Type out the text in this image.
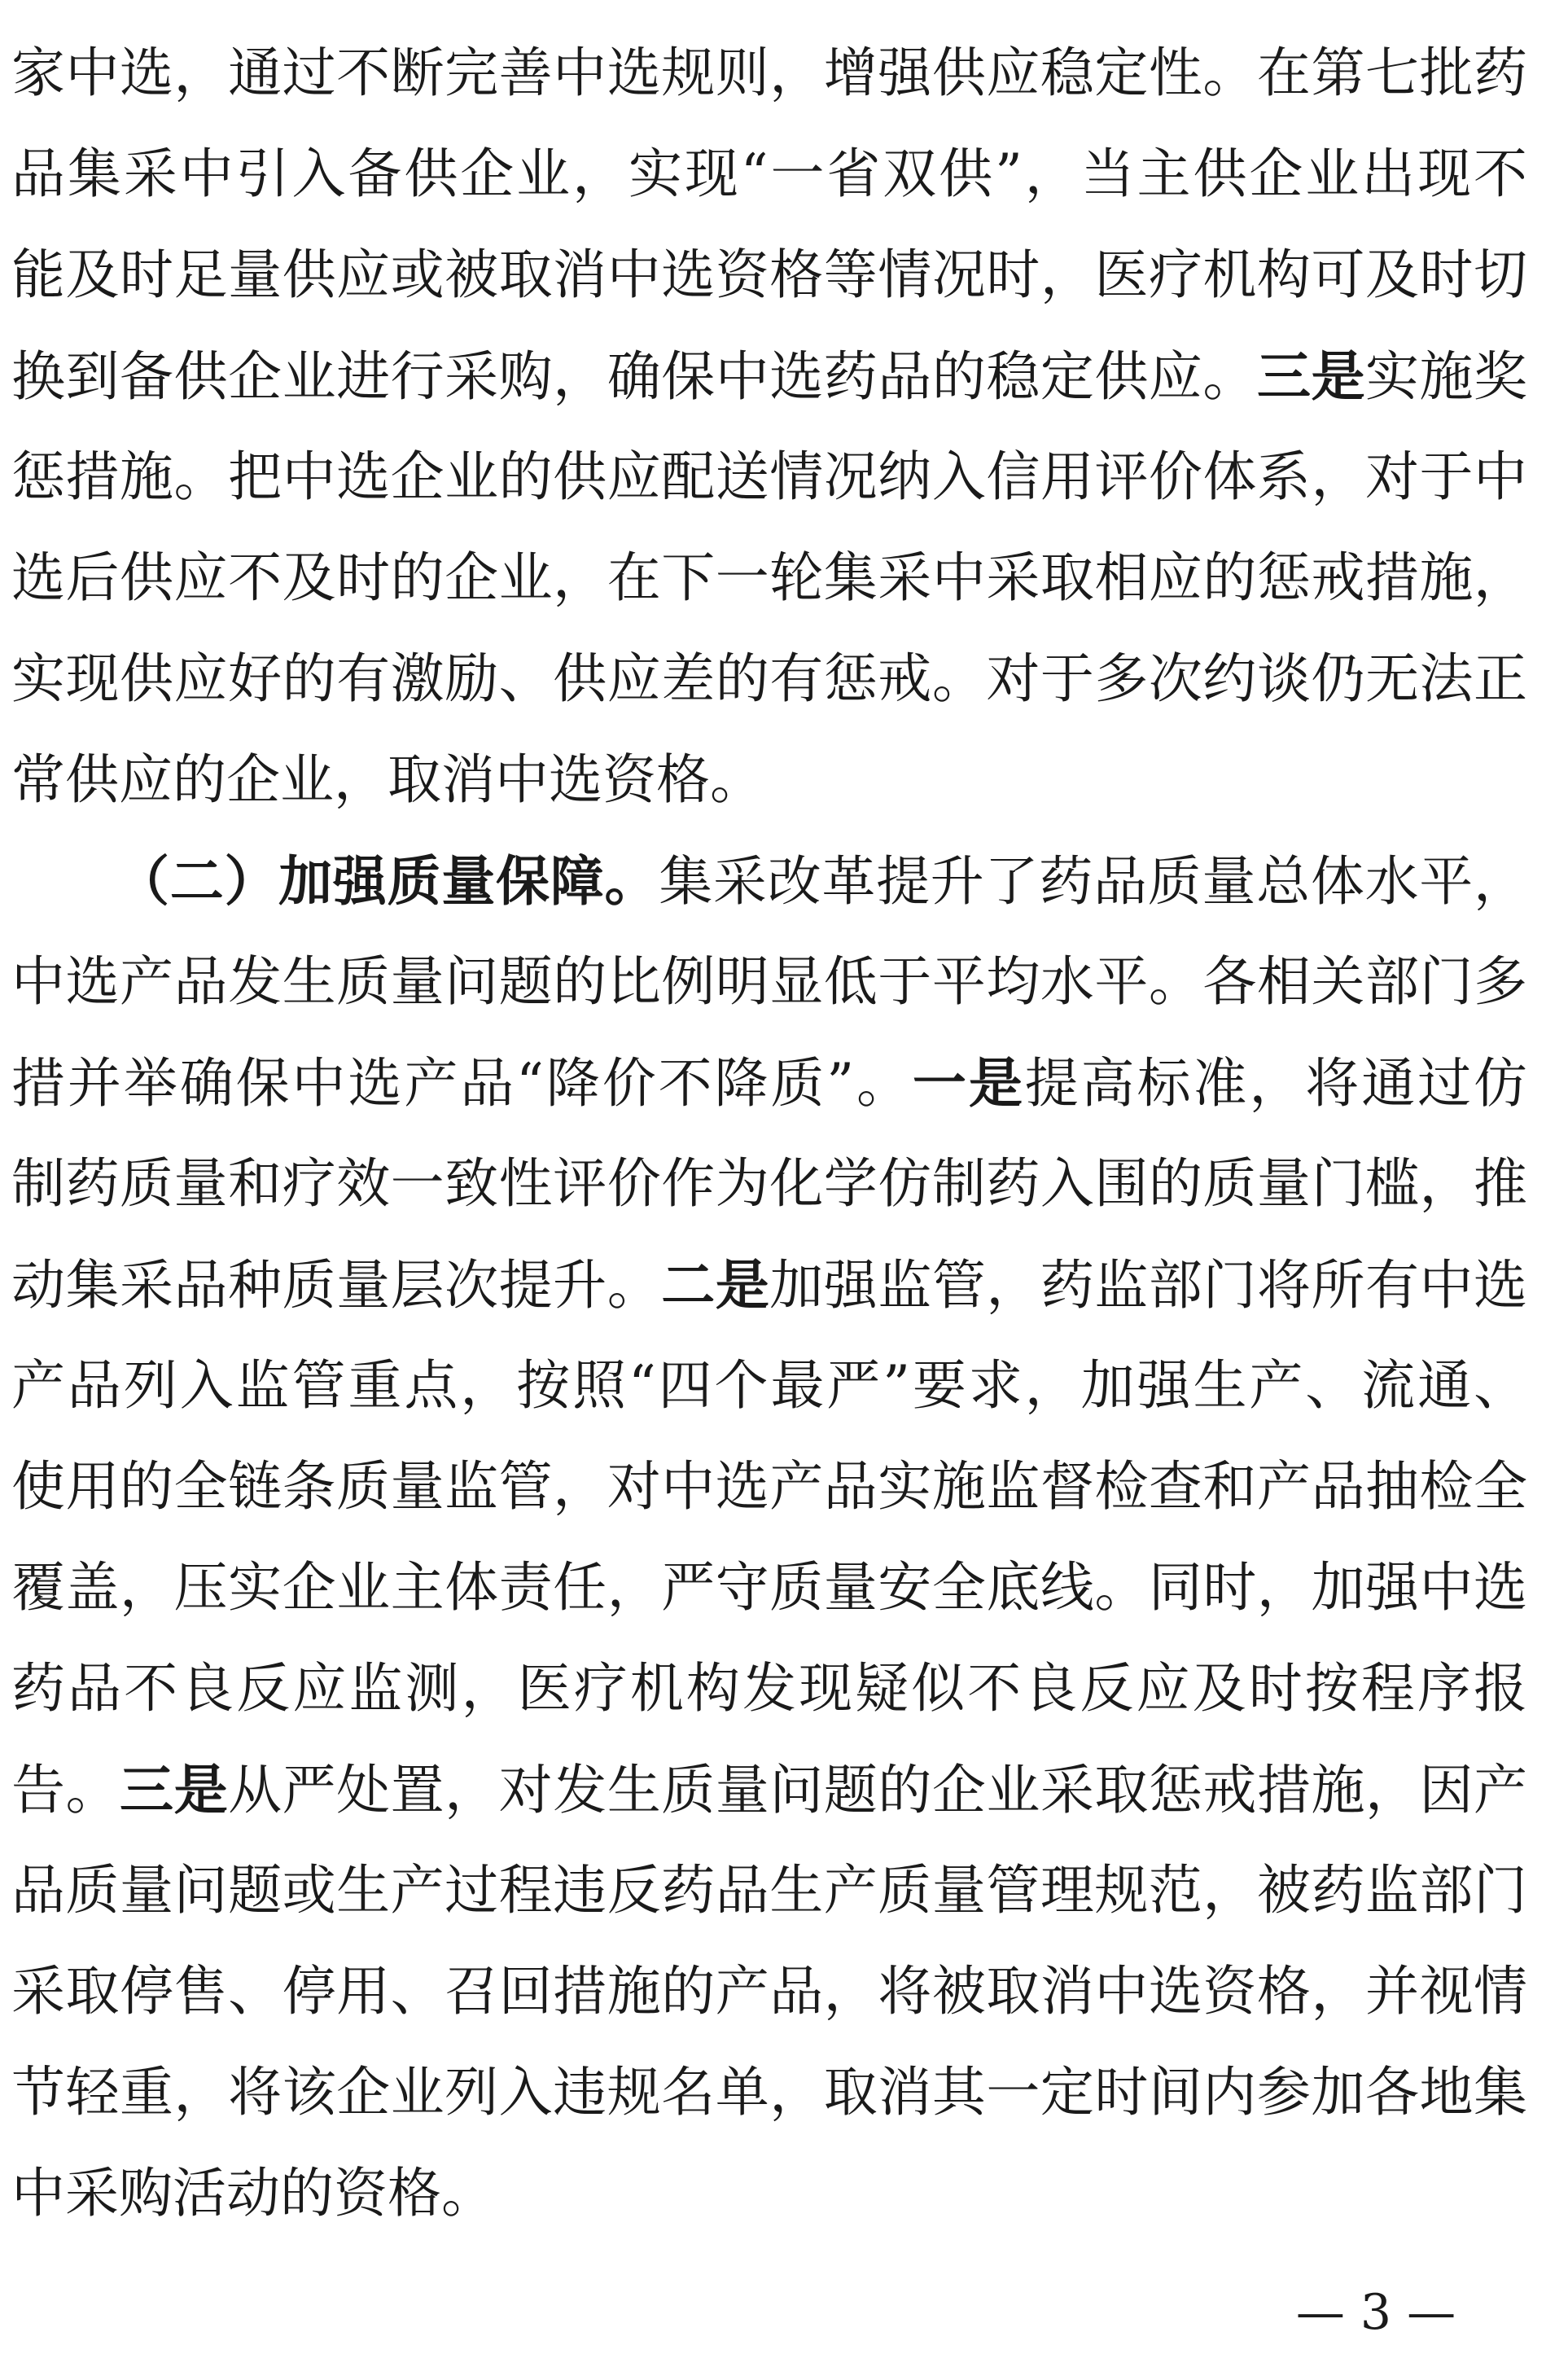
家中选，通过不断完善中选规则，增强供应稳定性。在第七批药
品集采中引入备供企业，实现“一省双供”，当主供企业出现不
能及时足量供应或被取消中选资格等情况时，医疗机构可及时切
换到备供企业进行采购，确保中选药品的稳定供应。三是实施奖
惩措施。把中选企业的供应配送情况纳入信用评价体系，对于中
选后供应不及时的企业，在下一轮集采中采取相应的惩戒措施，
实现供应好的有激励、供应差的有惩戒。对于多次约谈仍无法正
常供应的企业，取消中选资格。
（二）加强质量保障。集采改革提升了药品质量总体水平，
中选产品发生质量问题的比例明显低于平均水平。各相关部门多
措并举确保中选产品“降价不降质”。一是提高标准，将通过仿
制药质量和疗效一致性评价作为化学仿制药入围的质量门槛，推
动集采品种质量层次提升。二是加强监管，药监部门将所有中选
产品列入监管重点，按照“四个最严”要求，加强生产、流通、
使用的全链条质量监管，对中选产品实施监督检查和产品抽检全
覆盖，压实企业主体责任，严守质量安全底线。同时，加强中选
药品不良反应监测，医疗机构发现疑似不良反应及时按程序报
告。三是从严处置，对发生质量问题的企业采取惩戒措施，因产
品质量问题或生产过程违反药品生产质量管理规范，被药监部门
采取停售、停用、召回措施的产品，将被取消中选资格，并视情
节轻重，将该企业列入违规名单，取消其一定时间内参加各地集
中采购活动的资格。
— 3 —
